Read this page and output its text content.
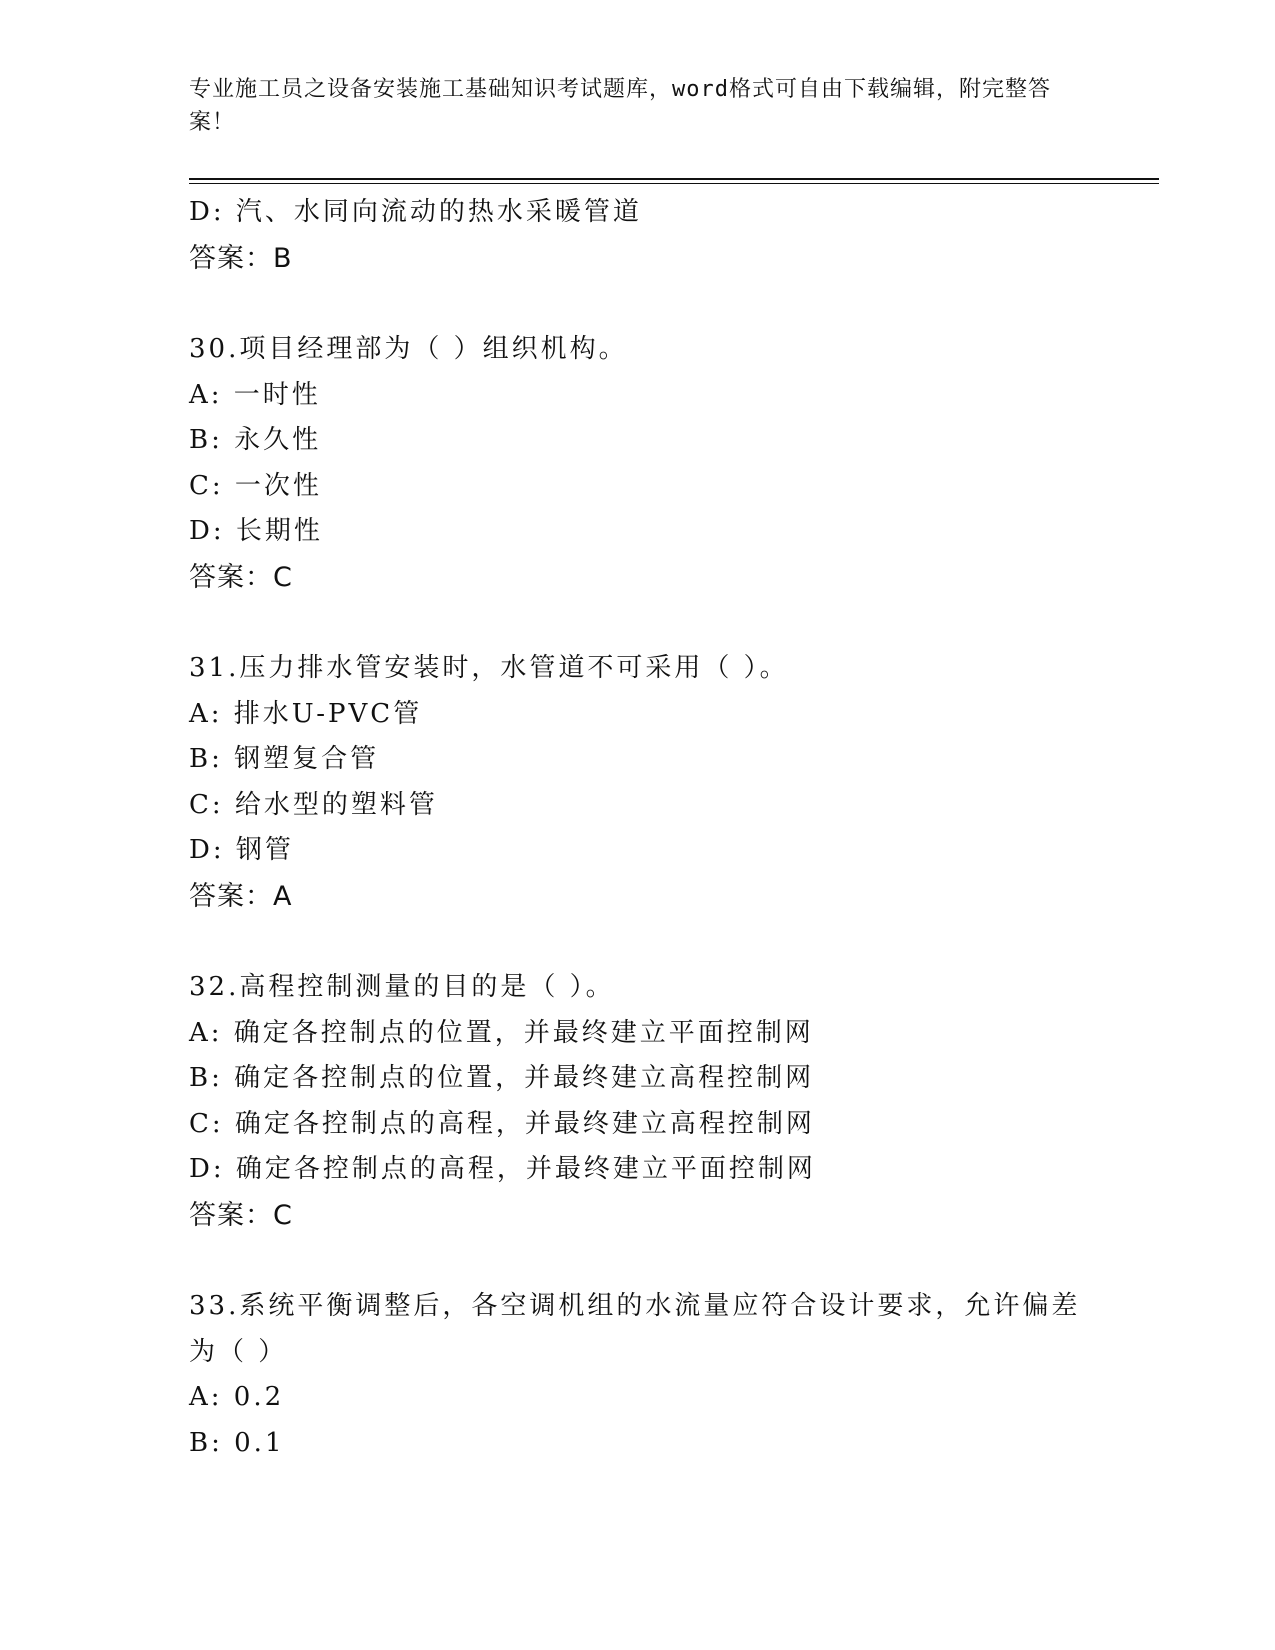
专业施工员之设备安装施工基础知识考试题库，word格式可自由下载编辑，附完整答案！
D: 汽、水同向流动的热水采暖管道
答案：B
30.项目经理部为（ ）组织机构。
A: 一时性
B: 永久性
C: 一次性
D: 长期性
答案：C
31.压力排水管安装时，水管道不可采用（ ）。
A: 排水U-PVC管
B: 钢塑复合管
C: 给水型的塑料管
D: 钢管
答案：A
32.高程控制测量的目的是（ ）。
A: 确定各控制点的位置，并最终建立平面控制网
B: 确定各控制点的位置，并最终建立高程控制网
C: 确定各控制点的高程，并最终建立高程控制网
D: 确定各控制点的高程，并最终建立平面控制网
答案：C
33.系统平衡调整后，各空调机组的水流量应符合设计要求，允许偏差为（ ）
A: 0.2
B: 0.1
